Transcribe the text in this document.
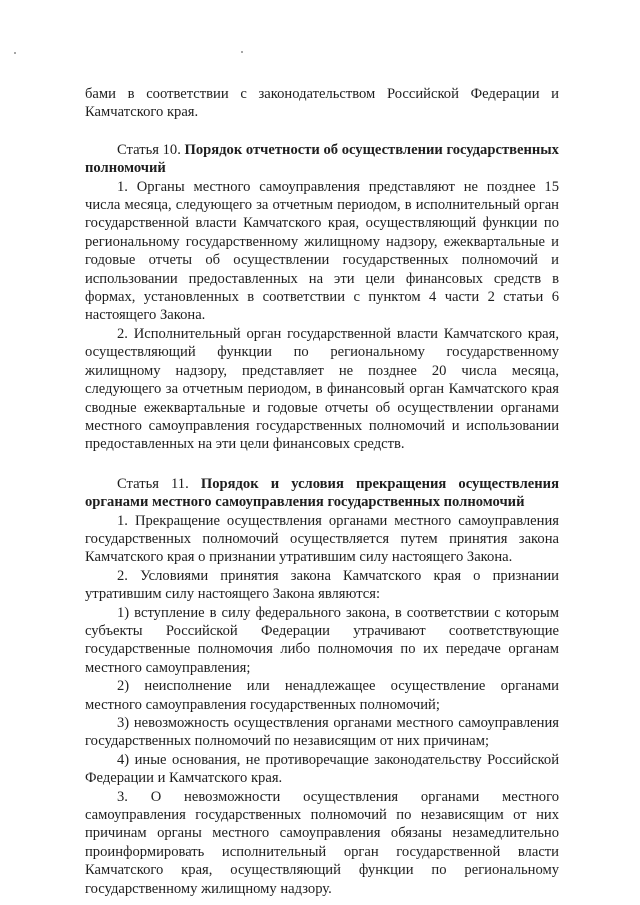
бами в соответствии с законодательством Российской Федерации и Камчатского края.

Статья 10. Порядок отчетности об осуществлении государственных полномочий

1. Органы местного самоуправления представляют не позднее 15 числа месяца, следующего за отчетным периодом, в исполнительный орган государственной власти Камчатского края, осуществляющий функции по региональному государственному жилищному надзору, ежеквартальные и годовые отчеты об осуществлении государственных полномочий и использовании предоставленных на эти цели финансовых средств в формах, установленных в соответствии с пунктом 4 части 2 статьи 6 настоящего Закона.

2. Исполнительный орган государственной власти Камчатского края, осуществляющий функции по региональному государственному жилищному надзору, представляет не позднее 20 числа месяца, следующего за отчетным периодом, в финансовый орган Камчатского края сводные ежеквартальные и годовые отчеты об осуществлении органами местного самоуправления государственных полномочий и использовании предоставленных на эти цели финансовых средств.

Статья 11. Порядок и условия прекращения осуществления органами местного самоуправления государственных полномочий

1. Прекращение осуществления органами местного самоуправления государственных полномочий осуществляется путем принятия закона Камчатского края о признании утратившим силу настоящего Закона.

2. Условиями принятия закона Камчатского края о признании утратившим силу настоящего Закона являются:

1) вступление в силу федерального закона, в соответствии с которым субъекты Российской Федерации утрачивают соответствующие государственные полномочия либо полномочия по их передаче органам местного самоуправления;

2) неисполнение или ненадлежащее осуществление органами местного самоуправления государственных полномочий;

3) невозможность осуществления органами местного самоуправления государственных полномочий по независящим от них причинам;

4) иные основания, не противоречащие законодательству Российской Федерации и Камчатского края.

3. О невозможности осуществления органами местного самоуправления государственных полномочий по независящим от них причинам органы местного самоуправления обязаны незамедлительно проинформировать исполнительный орган государственной власти Камчатского края, осуществляющий функции по региональному государственному жилищному надзору.
